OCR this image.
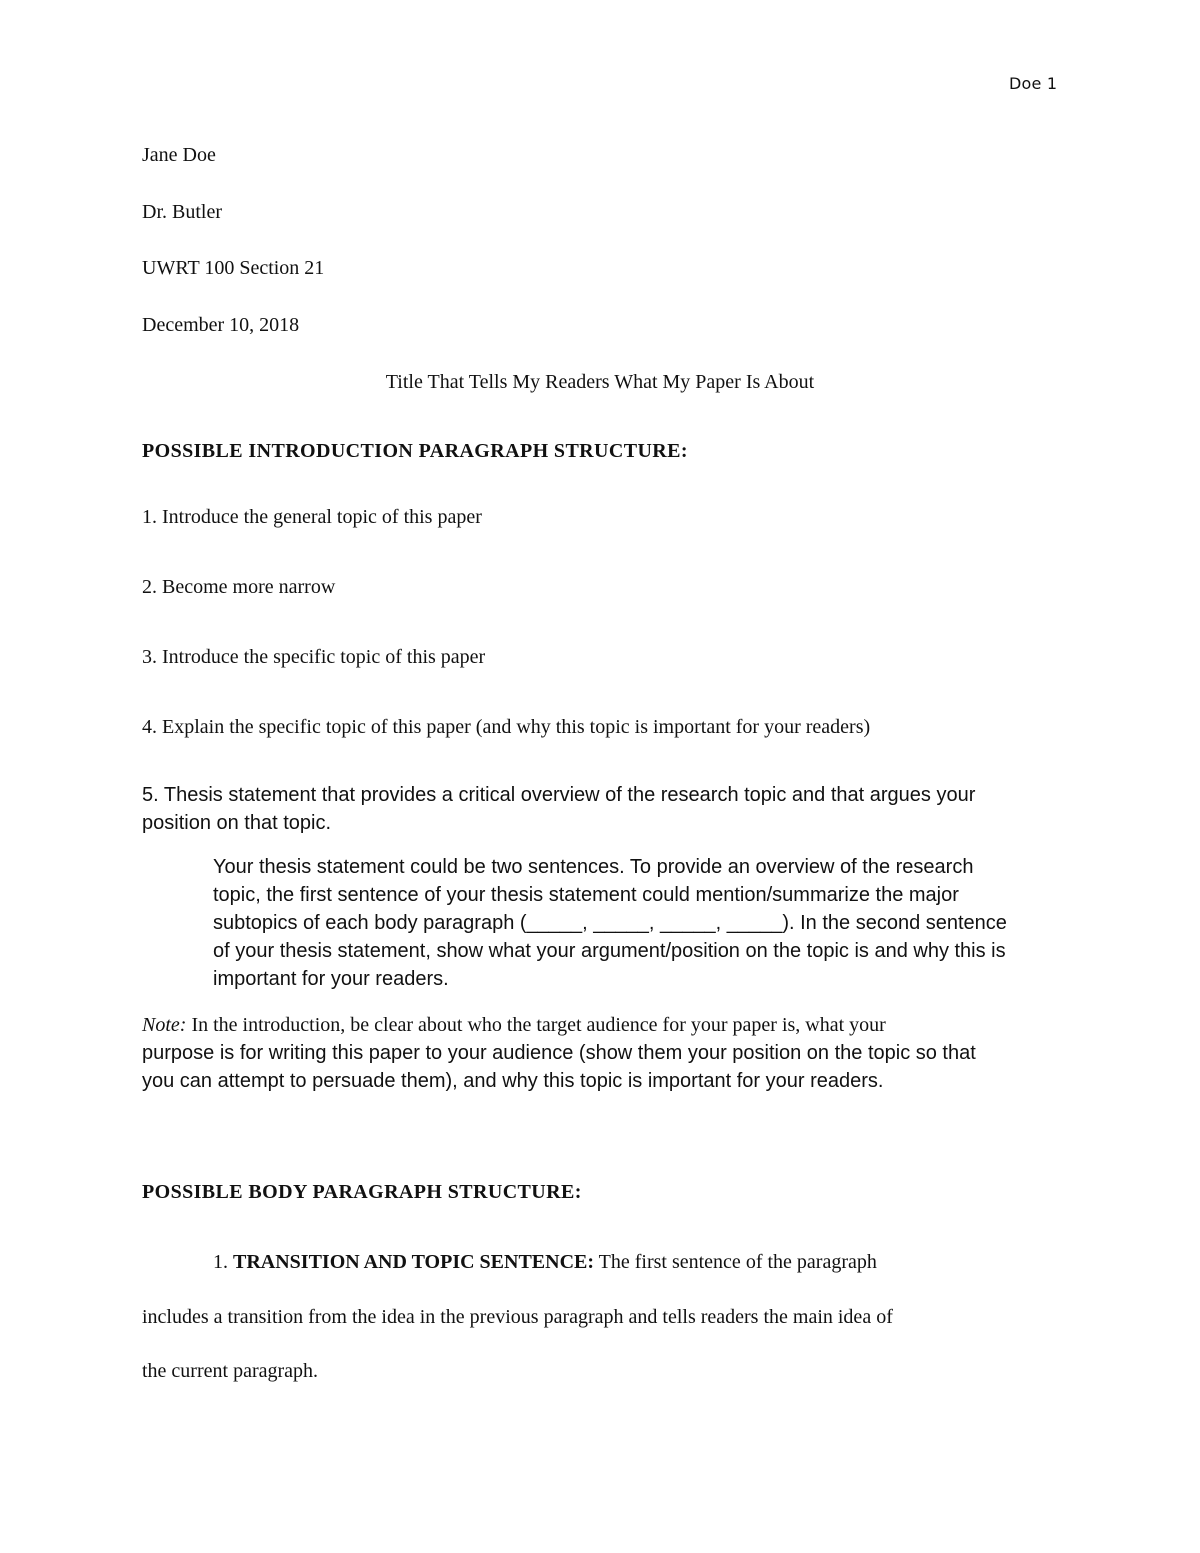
Doe 1
Jane Doe
Dr. Butler
UWRT 100 Section 21
December 10, 2018
Title That Tells My Readers What My Paper Is About
POSSIBLE INTRODUCTION PARAGRAPH STRUCTURE:
1. Introduce the general topic of this paper
2. Become more narrow
3. Introduce the specific topic of this paper
4. Explain the specific topic of this paper (and why this topic is important for your readers)
5. Thesis statement that provides a critical overview of the research topic and that argues your
position on that topic.
Your thesis statement could be two sentences. To provide an overview of the research
topic, the first sentence of your thesis statement could mention/summarize the major
subtopics of each body paragraph (_____, _____, _____, _____). In the second sentence
of your thesis statement, show what your argument/position on the topic is and why this is
important for your readers.
Note: In the introduction, be clear about who the target audience for your paper is, what your
purpose is for writing this paper to your audience (show them your position on the topic so that
you can attempt to persuade them), and why this topic is important for your readers.
POSSIBLE BODY PARAGRAPH STRUCTURE:
1. TRANSITION AND TOPIC SENTENCE: The first sentence of the paragraph
includes a transition from the idea in the previous paragraph and tells readers the main idea of
the current paragraph.
